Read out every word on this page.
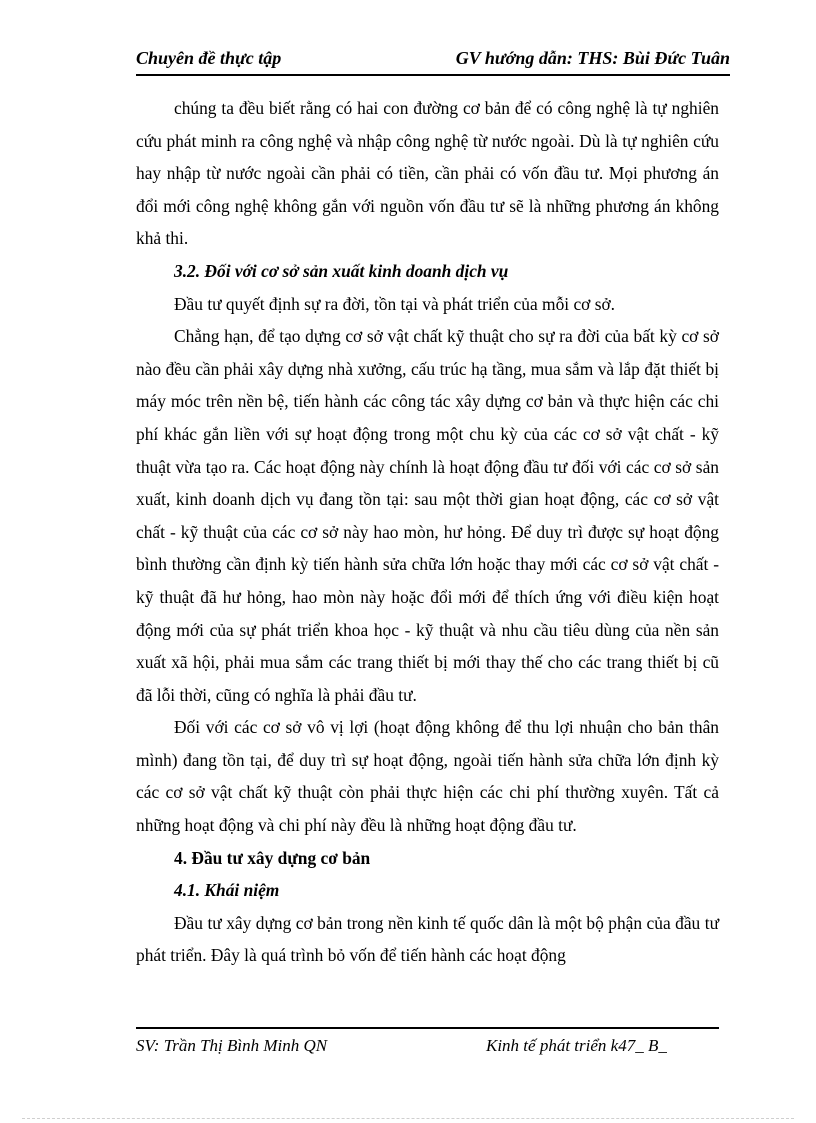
Chuyên đề thực tập	GV hướng dẫn: THS: Bùi Đức Tuân

chúng ta đều biết rằng có hai con đường cơ bản để có công nghệ là tự nghiên cứu phát minh ra công nghệ và nhập công nghệ từ nước ngoài. Dù là tự nghiên cứu hay nhập từ nước ngoài cần phải có tiền, cần phải có vốn đầu tư. Mọi phương án đổi mới công nghệ không gắn với nguồn vốn đầu tư sẽ là những phương án không khả thi.

3.2. Đối với cơ sở sản xuất kinh doanh dịch vụ

Đầu tư quyết định sự ra đời, tồn tại và phát triển của mỗi cơ sở.

Chẳng hạn, để tạo dựng cơ sở vật chất kỹ thuật cho sự ra đời của bất kỳ cơ sở nào đều cần phải xây dựng nhà xưởng, cấu trúc hạ tầng, mua sắm và lắp đặt thiết bị máy móc trên nền bệ, tiến hành các công tác xây dựng cơ bản và thực hiện các chi phí khác gắn liền với sự hoạt động trong một chu kỳ của các cơ sở vật chất - kỹ thuật vừa tạo ra. Các hoạt động này chính là hoạt động đầu tư đối với các cơ sở sản xuất, kinh doanh dịch vụ đang tồn tại: sau một thời gian hoạt động, các cơ sở vật chất - kỹ thuật của các cơ sở này hao mòn, hư hỏng. Để duy trì được sự hoạt động bình thường cần định kỳ tiến hành sửa chữa lớn hoặc thay mới các cơ sở vật chất - kỹ thuật đã hư hỏng, hao mòn này hoặc đổi mới để thích ứng với điều kiện hoạt động mới của sự phát triển khoa học - kỹ thuật và nhu cầu tiêu dùng của nền sản xuất xã hội, phải mua sắm các trang thiết bị mới thay thế cho các trang thiết bị cũ đã lỗi thời, cũng có nghĩa là phải đầu tư.

Đối với các cơ sở vô vị lợi (hoạt động không để thu lợi nhuận cho bản thân mình) đang tồn tại, để duy trì sự hoạt động, ngoài tiến hành sửa chữa lớn định kỳ các cơ sở vật chất kỹ thuật còn phải thực hiện các chi phí thường xuyên. Tất cả những hoạt động và chi phí này đều là những hoạt động đầu tư.

4. Đầu tư xây dựng cơ bản

4.1. Khái niệm

Đầu tư xây dựng cơ bản trong nền kinh tế quốc dân là một bộ phận của đầu tư phát triển. Đây là quá trình bỏ vốn để tiến hành các hoạt động

SV: Trần Thị Bình Minh QN	Kinh tế phát triển k47_ B_
